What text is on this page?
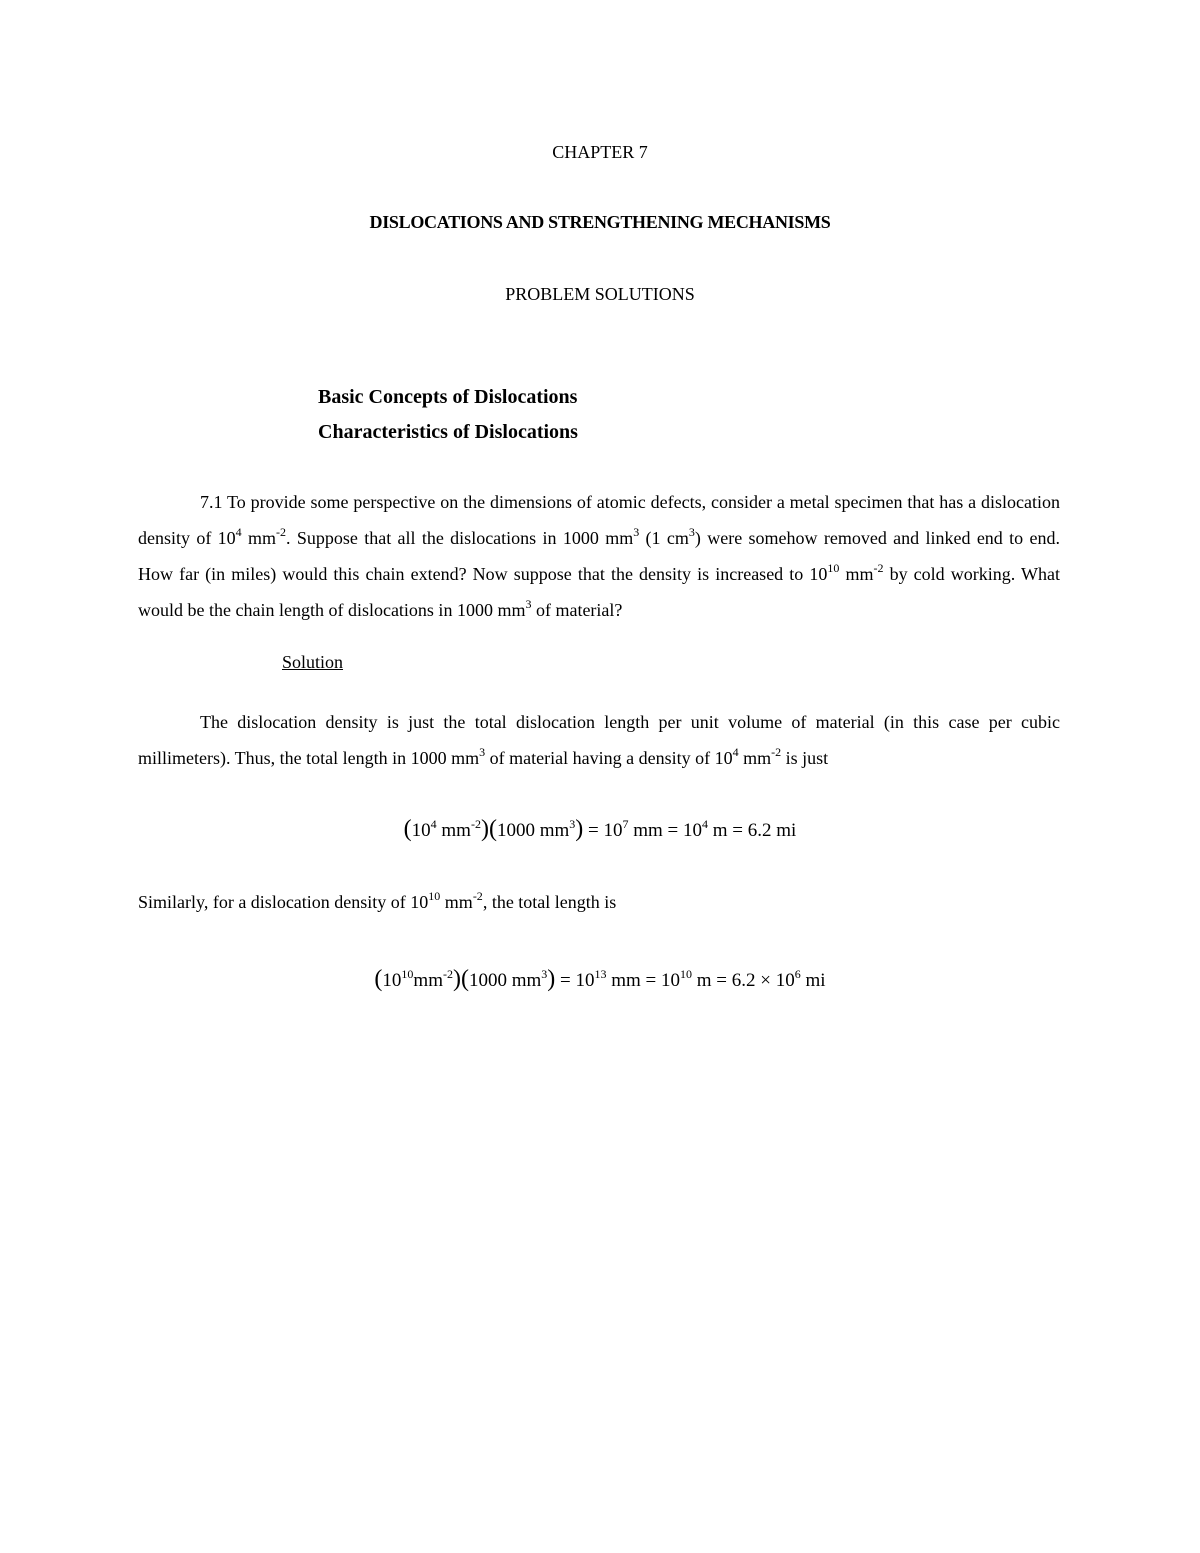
CHAPTER 7
DISLOCATIONS AND STRENGTHENING MECHANISMS
PROBLEM SOLUTIONS
Basic Concepts of Dislocations
Characteristics of Dislocations
7.1 To provide some perspective on the dimensions of atomic defects, consider a metal specimen that has a dislocation density of $10^4$ $mm^{-2}$. Suppose that all the dislocations in 1000 $mm^3$ (1 $cm^3$) were somehow removed and linked end to end. How far (in miles) would this chain extend? Now suppose that the density is increased to $10^{10}$ $mm^{-2}$ by cold working. What would be the chain length of dislocations in 1000 $mm^3$ of material?
Solution
The dislocation density is just the total dislocation length per unit volume of material (in this case per cubic millimeters). Thus, the total length in 1000 $mm^3$ of material having a density of $10^4$ $mm^{-2}$ is just
($10^4$ $mm^{-2})(1000$ $mm^3) = 10^7$ mm = $10^4$ m = 6.2 mi
Similarly, for a dislocation density of $10^{10}$ $mm^{-2}$, the total length is
$(10^{10}mm^{-2})(1000$ $mm^3) = 10^{13}$ mm = $10^{10}$ $m = 6.2 \times 10^6$ mi
